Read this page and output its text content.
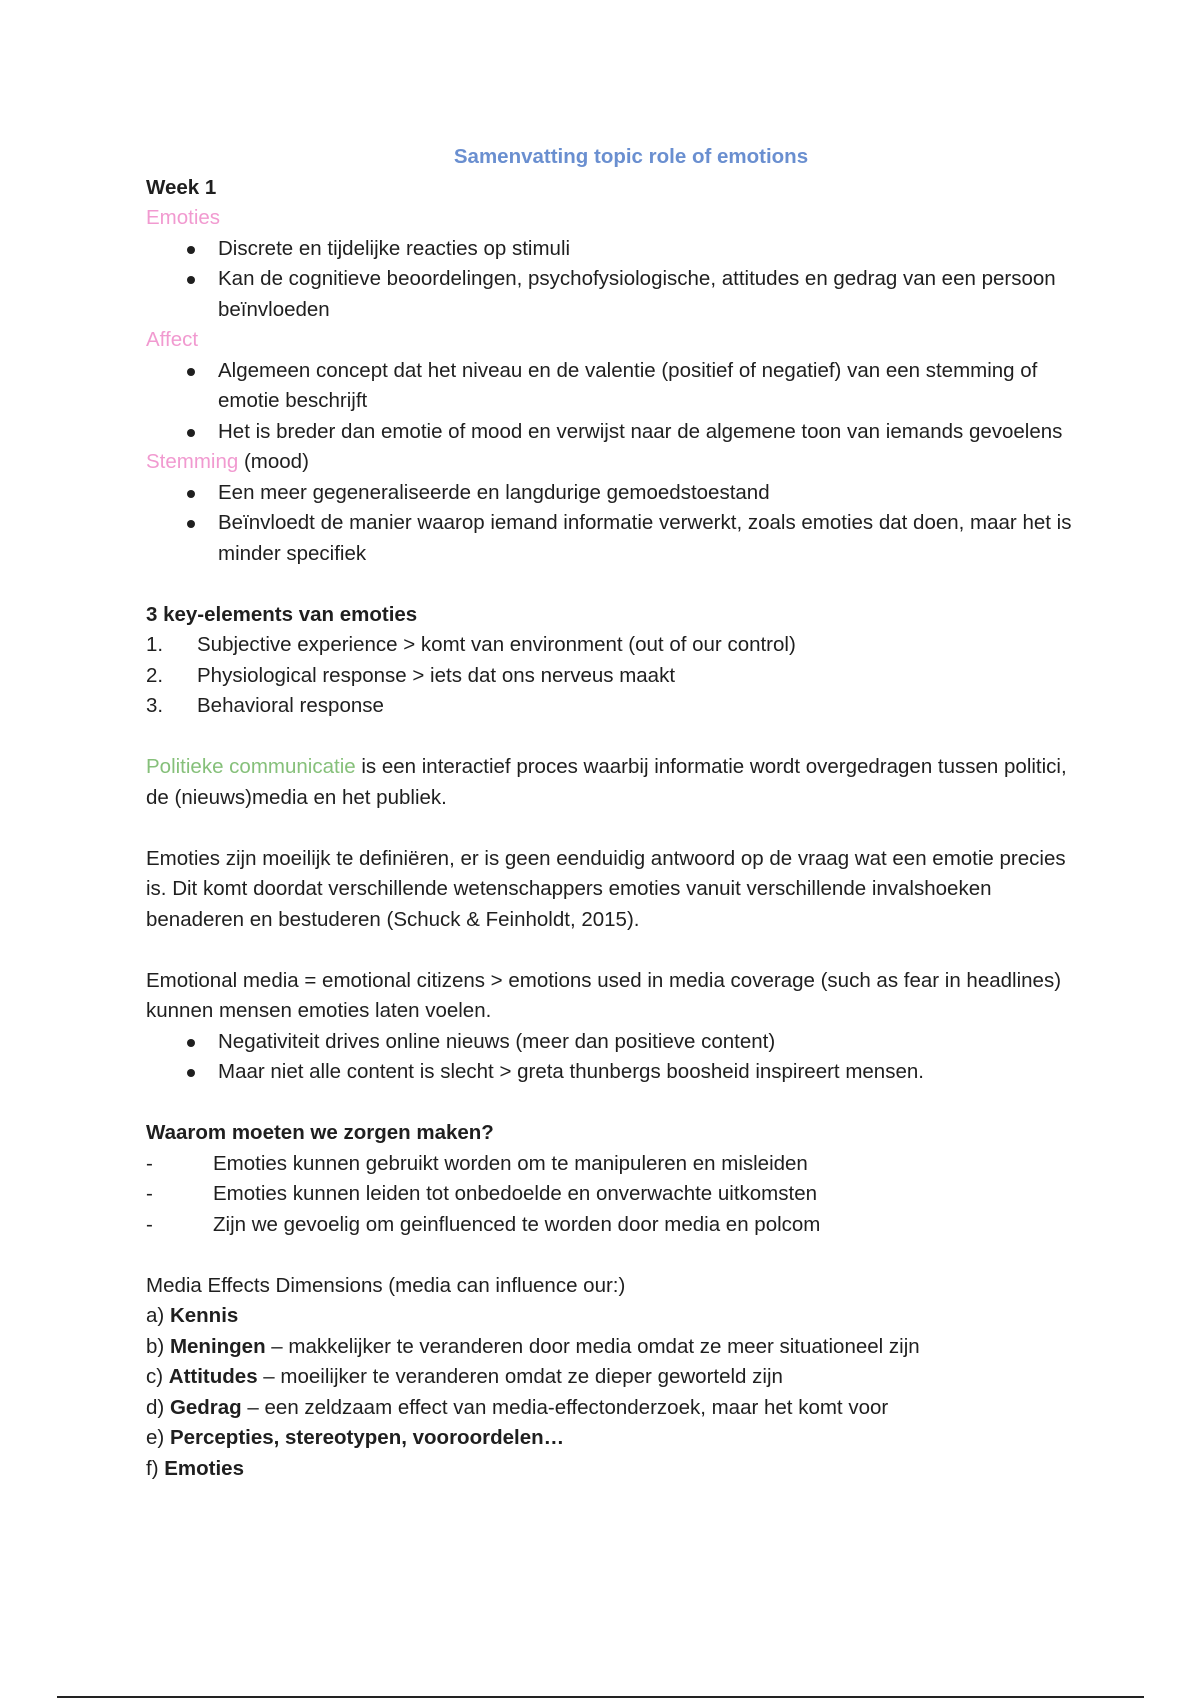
Samenvatting topic role of emotions
Week 1
Emoties
Discrete en tijdelijke reacties op stimuli
Kan de cognitieve beoordelingen, psychofysiologische, attitudes en gedrag van een persoon beïnvloeden
Affect
Algemeen concept dat het niveau en de valentie (positief of negatief) van een stemming of emotie beschrijft
Het is breder dan emotie of mood en verwijst naar de algemene toon van iemands gevoelens
Stemming (mood)
Een meer gegeneraliseerde en langdurige gemoedstoestand
Beïnvloedt de manier waarop iemand informatie verwerkt, zoals emoties dat doen, maar het is minder specifiek
3 key-elements van emoties
1. Subjective experience > komt van environment (out of our control)
2. Physiological response > iets dat ons nerveus maakt
3. Behavioral response
Politieke communicatie is een interactief proces waarbij informatie wordt overgedragen tussen politici, de (nieuws)media en het publiek.
Emoties zijn moeilijk te definiëren, er is geen eenduidig antwoord op de vraag wat een emotie precies is. Dit komt doordat verschillende wetenschappers emoties vanuit verschillende invalshoeken benaderen en bestuderen (Schuck & Feinholdt, 2015).
Emotional media = emotional citizens > emotions used in media coverage (such as fear in headlines) kunnen mensen emoties laten voelen.
Negativiteit drives online nieuws (meer dan positieve content)
Maar niet alle content is slecht > greta thunbergs boosheid inspireert mensen.
Waarom moeten we zorgen maken?
-	Emoties kunnen gebruikt worden om te manipuleren en misleiden
-	Emoties kunnen leiden tot onbedoelde en onverwachte uitkomsten
-	Zijn we gevoelig om geinfluenced te worden door media en polcom
Media Effects Dimensions (media can influence our:)
a) Kennis
b) Meningen – makkelijker te veranderen door media omdat ze meer situationeel zijn
c) Attitudes – moeilijker te veranderen omdat ze dieper geworteld zijn
d) Gedrag – een zeldzaam effect van media-effectonderzoek, maar het komt voor
e) Percepties, stereotypen, vooroordelen…
f) Emoties
